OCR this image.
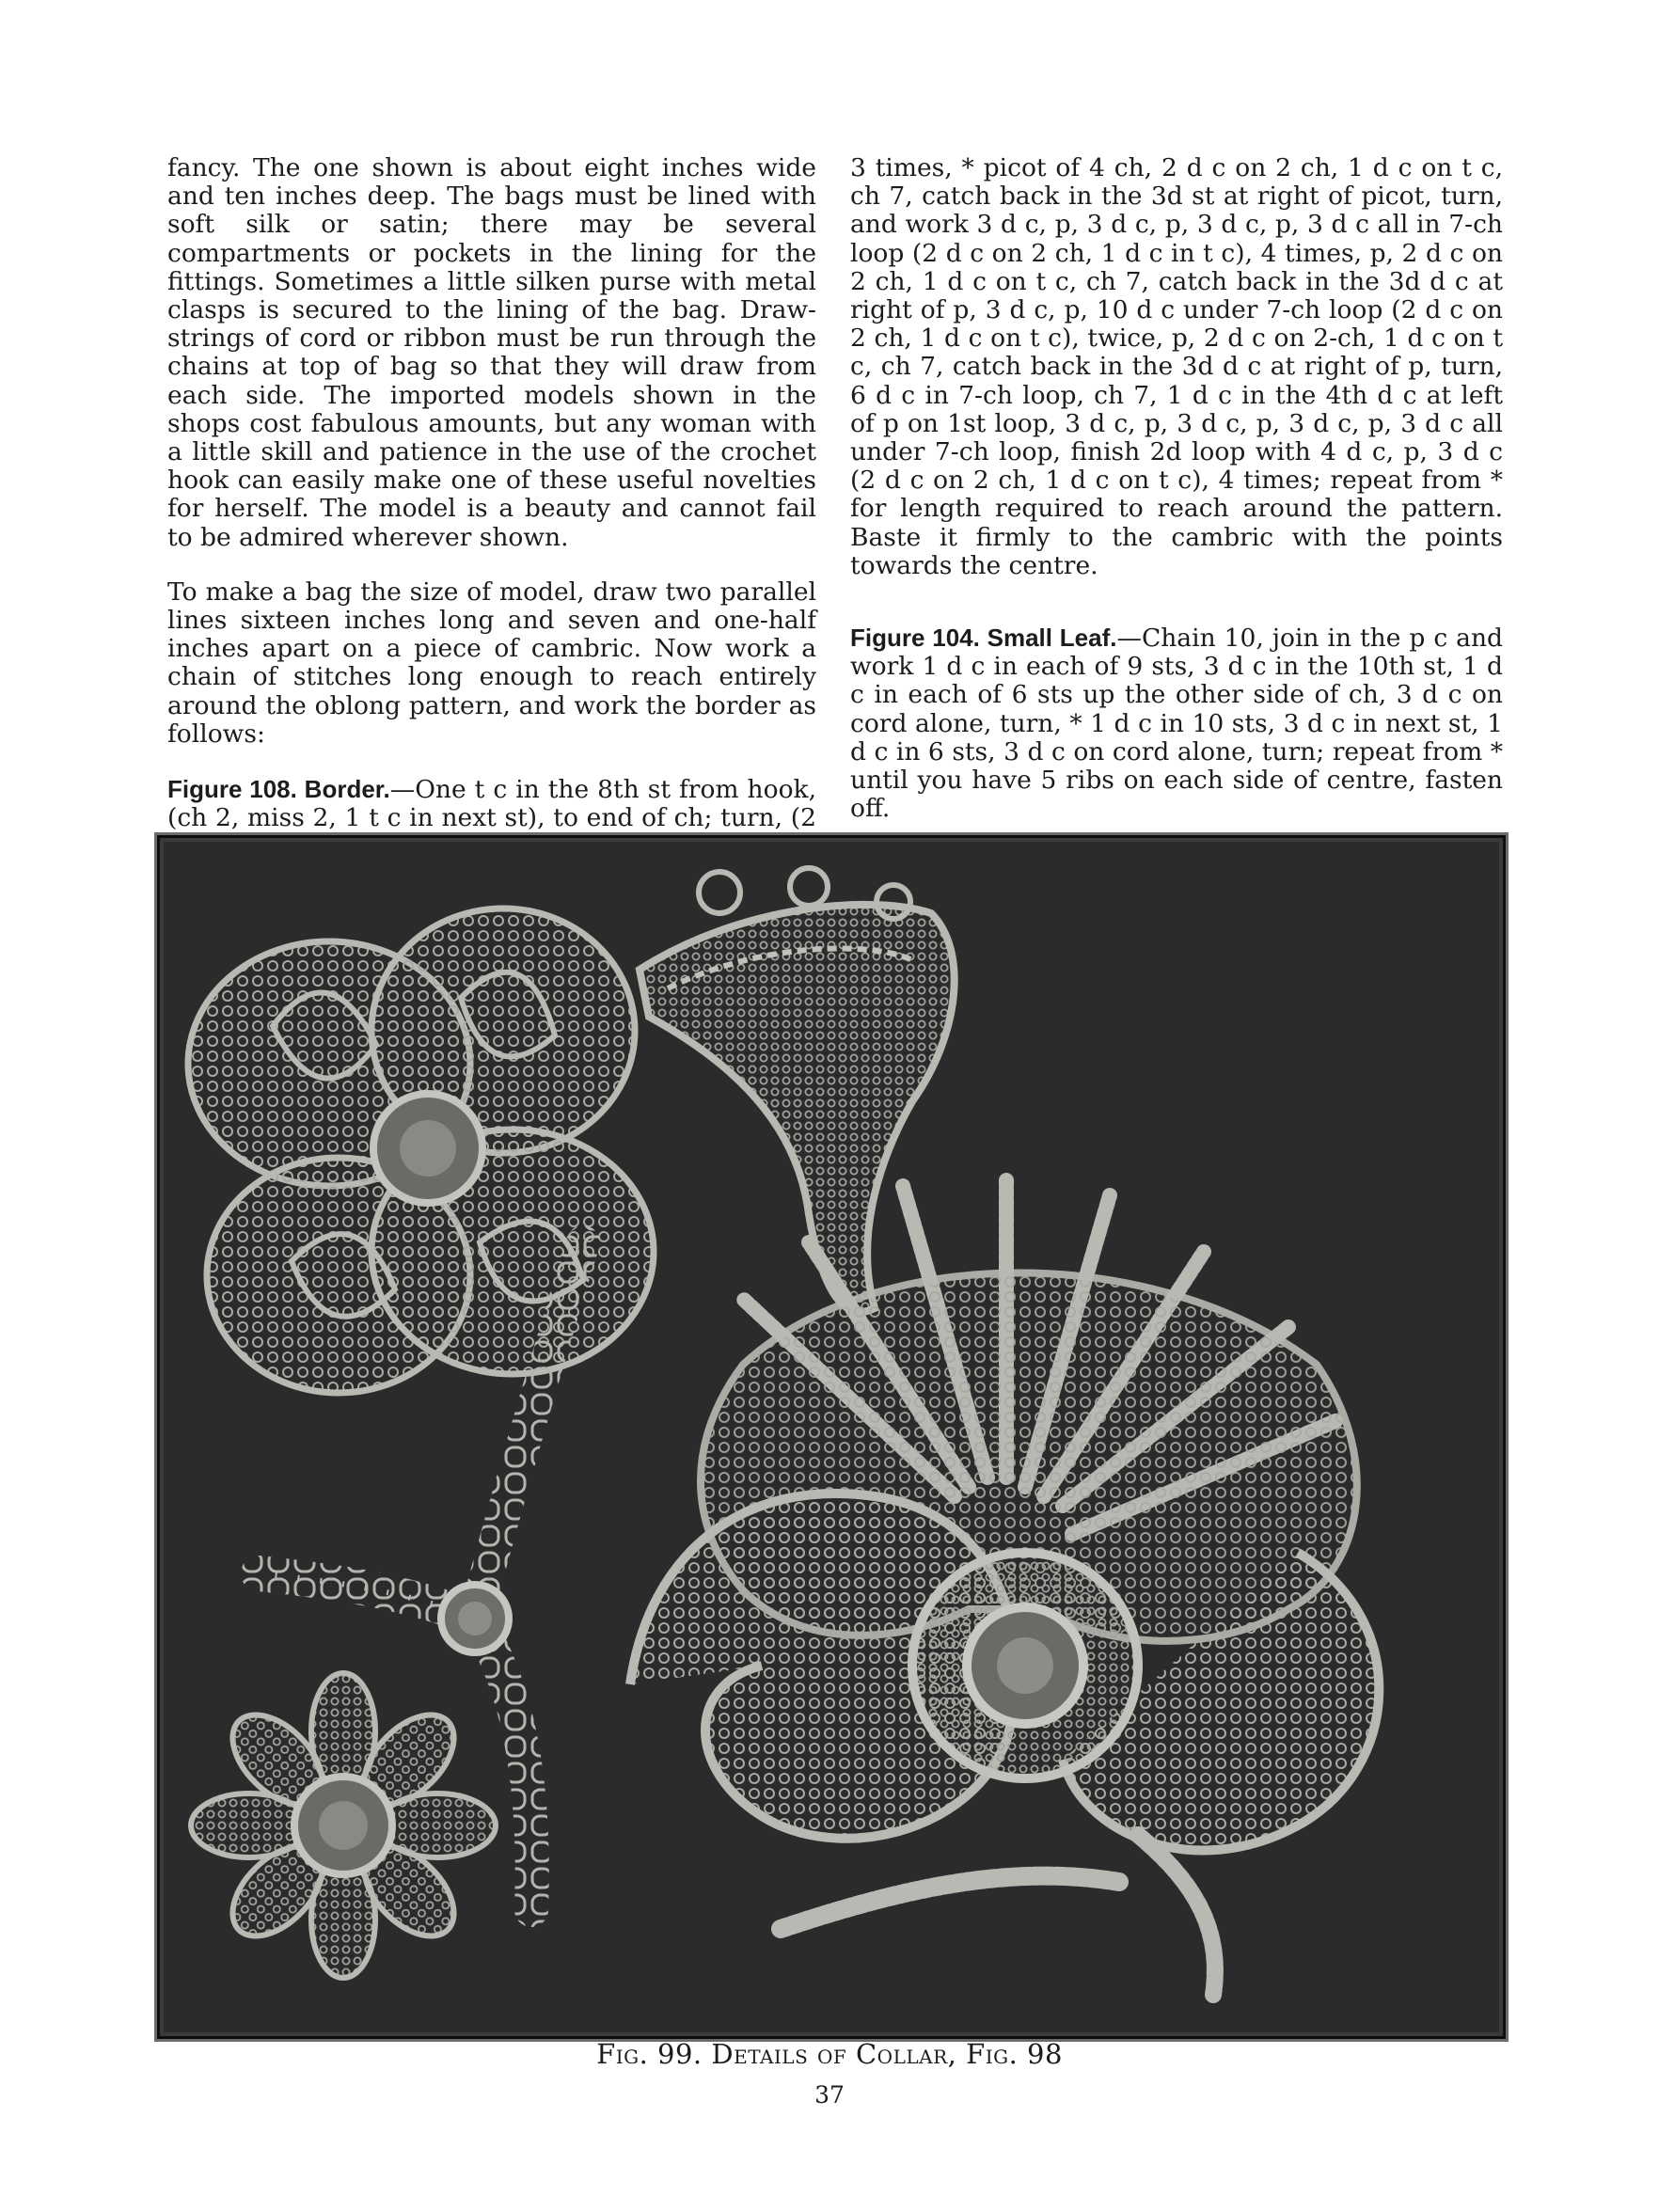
fancy. The one shown is about eight inches wide and ten inches deep. The bags must be lined with soft silk or satin; there may be several compartments or pockets in the lining for the fittings. Sometimes a little silken purse with metal clasps is secured to the lining of the bag. Draw-strings of cord or ribbon must be run through the chains at top of bag so that they will draw from each side. The imported models shown in the shops cost fabulous amounts, but any woman with a little skill and patience in the use of the crochet hook can easily make one of these useful novelties for herself. The model is a beauty and cannot fail to be admired wherever shown.

To make a bag the size of model, draw two parallel lines sixteen inches long and seven and one-half inches apart on a piece of cambric. Now work a chain of stitches long enough to reach entirely around the oblong pattern, and work the border as follows:

Figure 108. Border.—One t c in the 8th st from hook, (ch 2, miss 2, 1 t c in next st), to end of ch; turn, (2

3 times, * picot of 4 ch, 2 d c on 2 ch, 1 d c on t c, ch 7, catch back in the 3d st at right of picot, turn, and work 3 d c, p, 3 d c, p, 3 d c, p, 3 d c all in 7-ch loop (2 d c on 2 ch, 1 d c in t c), 4 times, p, 2 d c on 2 ch, 1 d c on t c, ch 7, catch back in the 3d d c at right of p, 3 d c, p, 10 d c under 7-ch loop (2 d c on 2 ch, 1 d c on t c), twice, p, 2 d c on 2-ch, 1 d c on t c, ch 7, catch back in the 3d d c at right of p, turn, 6 d c in 7-ch loop, ch 7, 1 d c in the 4th d c at left of p on 1st loop, 3 d c, p, 3 d c, p, 3 d c, p, 3 d c all under 7-ch loop, finish 2d loop with 4 d c, p, 3 d c (2 d c on 2 ch, 1 d c on t c), 4 times; repeat from * for length required to reach around the pattern. Baste it firmly to the cambric with the points towards the centre.

Figure 104. Small Leaf.—Chain 10, join in the p c and work 1 d c in each of 9 sts, 3 d c in the 10th st, 1 d c in each of 6 sts up the other side of ch, 3 d c on cord alone, turn, * 1 d c in 10 sts, 3 d c in next st, 1 d c in 6 sts, 3 d c on cord alone, turn; repeat from * until you have 5 ribs on each side of centre, fasten off.

Fig. 99. Details of Collar, Fig. 98
37
